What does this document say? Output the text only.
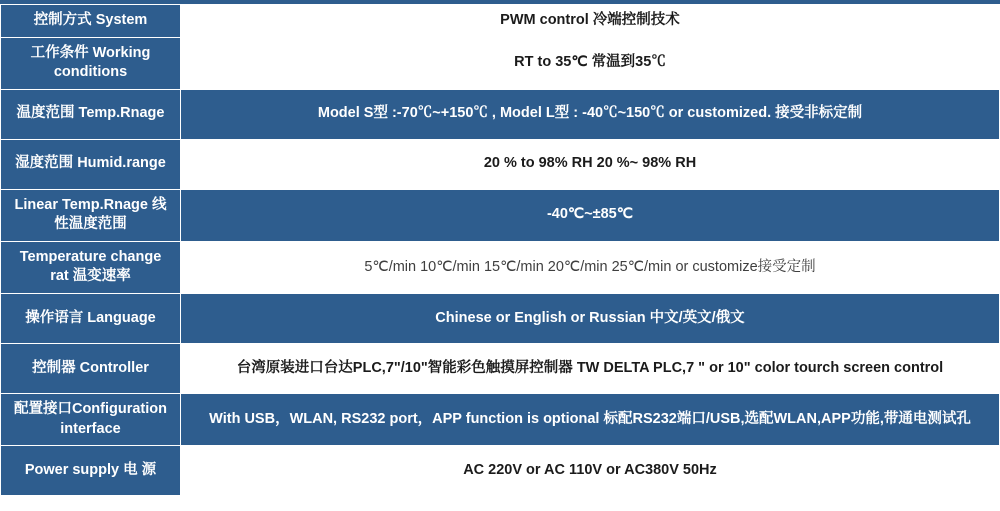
控制方式 System	PWM control 冷端控制技术
工作条件 Working conditions	RT to 35℃ 常温到35℃
温度范围 Temp.Rnage	Model S型 :-70℃~+150℃ , Model L型 : -40℃~150℃ or customized. 接受非标定制
湿度范围 Humid.range	20 % to 98% RH 20 %~ 98% RH
Linear Temp.Rnage 线性温度范围	-40℃~±85℃
Temperature change rat 温变速率	5℃/min 10℃/min 15℃/min 20℃/min 25℃/min or customize接受定制
操作语言 Language	Chinese or English or Russian 中文/英文/俄文
控制器 Controller	台湾原装进口台达PLC,7"/10"智能彩色触摸屏控制器 TW DELTA PLC,7 " or 10" color tourch screen control
配置接口Configuration interface	With USB，WLAN, RS232 port，APP function is optional 标配RS232端口/USB,选配WLAN,APP功能,带通电测试孔
Power supply 电 源	AC 220V or AC 110V or AC380V 50Hz
